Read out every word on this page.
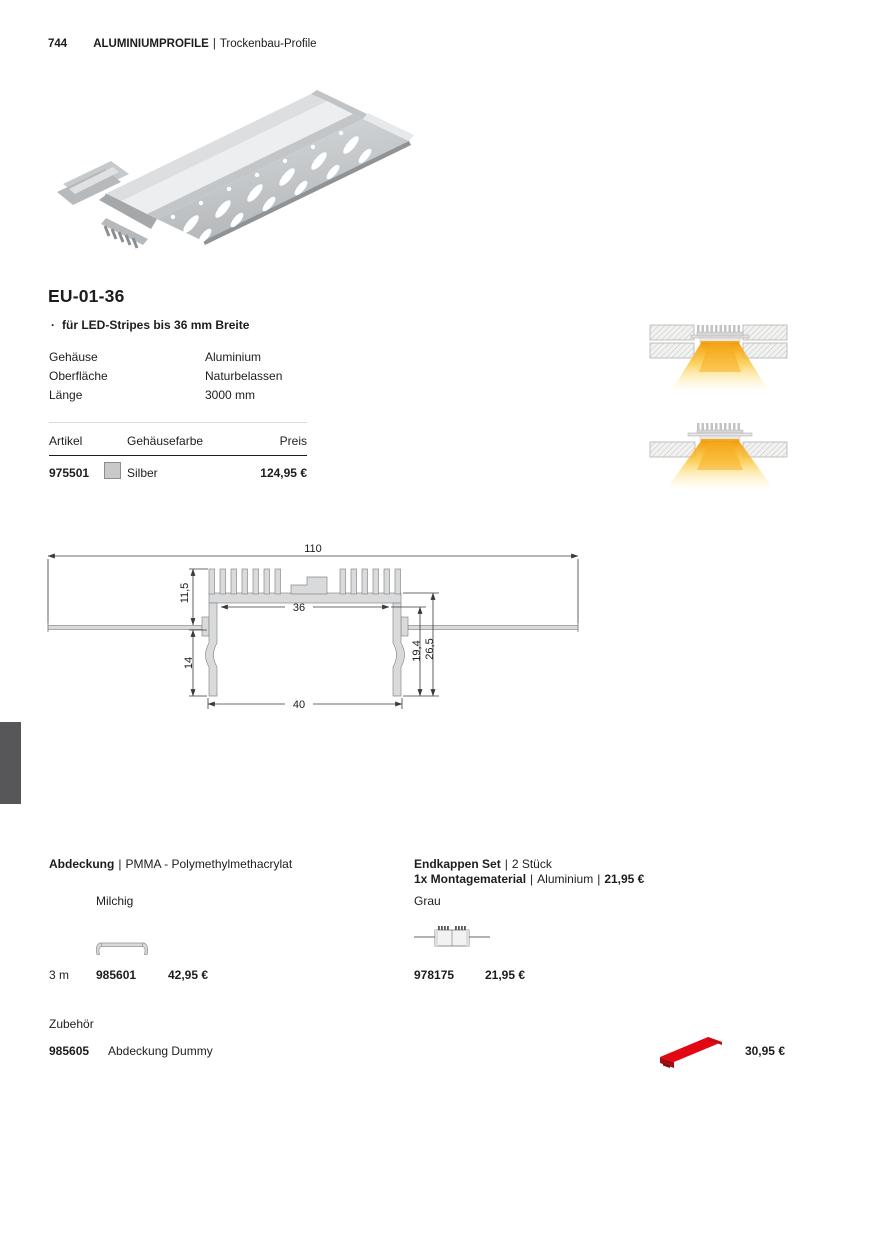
744 ALUMINIUMPROFILE | Trockenbau-Profile
EU-01-36
· für LED-Stripes bis 36 mm Breite
Gehäuse	Aluminium
Oberfläche	Naturbelassen
Länge	3000 mm
Artikel	Gehäusefarbe	Preis
975501	Silber	124,95 €
110
11,5
14
36
40
19,4 26,5
Abdeckung | PMMA - Polymethylmethacrylat
Milchig
3 m 985601	42,95 €
Endkappen Set | 2 Stück
1x Montagematerial | Aluminium | 21,95 €
Grau
978175	21,95 €
Zubehör
985605 Abdeckung Dummy	30,95 €
